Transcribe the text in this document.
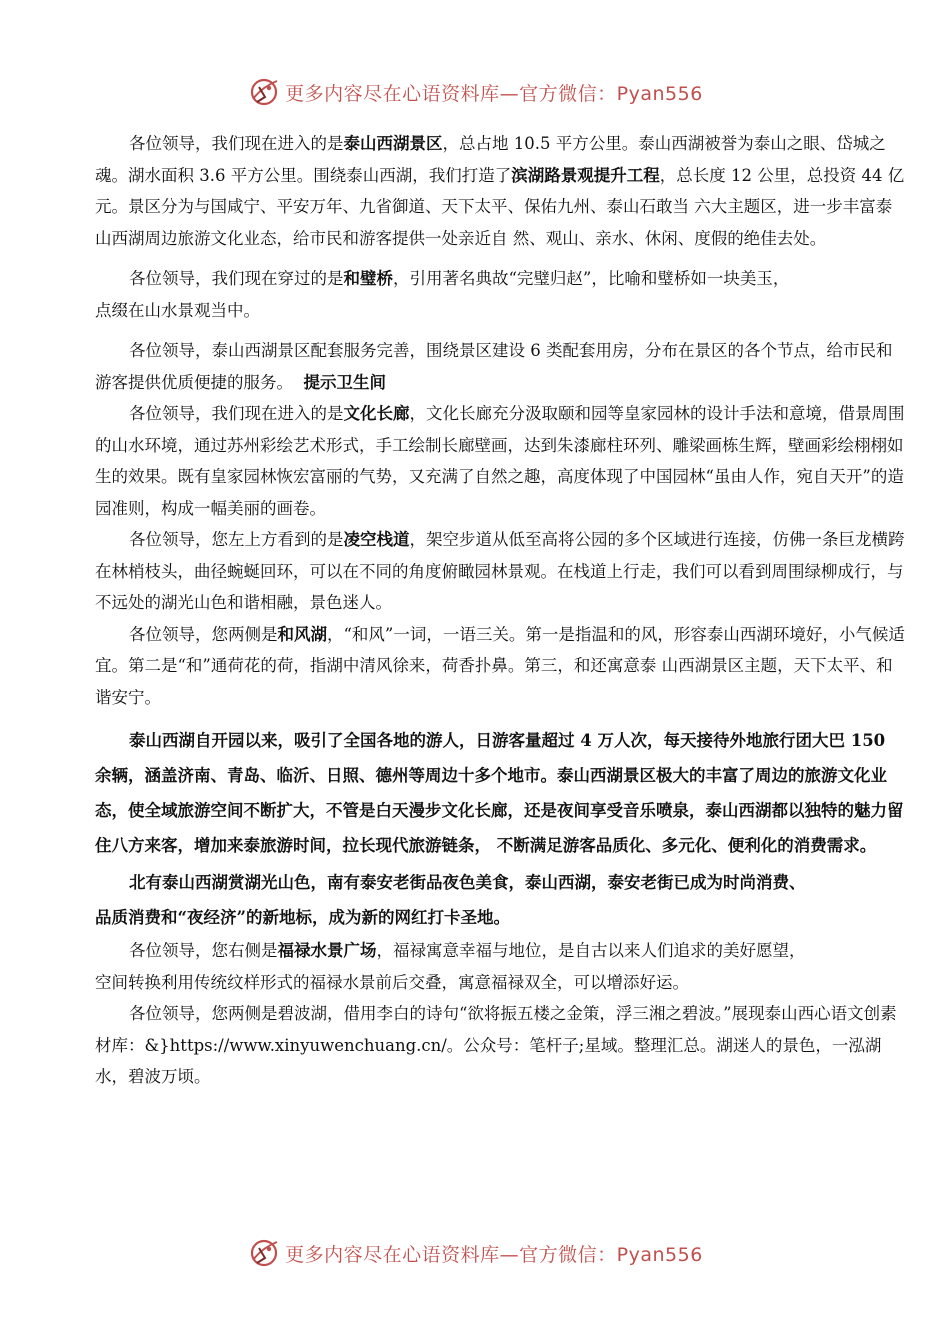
更多内容尽在心语资料库—官方微信：Pyan556

各位领导，我们现在进入的是泰山西湖景区，总占地 10.5 平方公里。泰山西湖被誉为泰山之眼、岱城之魂。湖水面积 3.6 平方公里。围绕泰山西湖，我们打造了滨湖路景观提升工程，总长度 12 公里，总投资 44 亿元。景区分为与国咸宁、平安万年、九省御道、天下太平、保佑九州、泰山石敢当 六大主题区，进一步丰富泰山西湖周边旅游文化业态，给市民和游客提供一处亲近自 然、观山、亲水、休闲、度假的绝佳去处。

各位领导，我们现在穿过的是和璧桥，引用著名典故“完璧归赵”，比喻和璧桥如一块美玉，

点缀在山水景观当中。

各位领导，泰山西湖景区配套服务完善，围绕景区建设 6 类配套用房，分布在景区的各个节点，给市民和游客提供优质便捷的服务。 提示卫生间

各位领导，我们现在进入的是文化长廊，文化长廊充分汲取颐和园等皇家园林的设计手法和意境，借景周围的山水环境，通过苏州彩绘艺术形式，手工绘制长廊壁画，达到朱漆廊柱环列、雕梁画栋生辉，壁画彩绘栩栩如生的效果。既有皇家园林恢宏富丽的气势，又充满了自然之趣，高度体现了中国园林“虽由人作，宛自天开”的造园准则，构成一幅美丽的画卷。

各位领导，您左上方看到的是凌空栈道，架空步道从低至高将公园的多个区域进行连接，仿佛一条巨龙横跨在林梢枝头，曲径蜿蜒回环，可以在不同的角度俯瞰园林景观。在栈道上行走，我们可以看到周围绿柳成行，与不远处的湖光山色和谐相融，景色迷人。

各位领导，您两侧是和风湖，“和风”一词，一语三关。第一是指温和的风，形容泰山西湖环境好，小气候适宜。第二是“和”通荷花的荷，指湖中清风徐来，荷香扑鼻。第三，和还寓意泰 山西湖景区主题，天下太平、和谐安宁。

泰山西湖自开园以来，吸引了全国各地的游人，日游客量超过 4 万人次，每天接待外地旅行团大巴 150 余辆，涵盖济南、青岛、临沂、日照、德州等周边十多个地市。泰山西湖景区极大的丰富了周边的旅游文化业态，使全域旅游空间不断扩大，不管是白天漫步文化长廊，还是夜间享受音乐喷泉，泰山西湖都以独特的魅力留住八方来客，增加来泰旅游时间，拉长现代旅游链条， 不断满足游客品质化、多元化、便利化的消费需求。

北有泰山西湖赏湖光山色，南有泰安老街品夜色美食，泰山西湖，泰安老街已成为时尚消费、

品质消费和“夜经济”的新地标，成为新的网红打卡圣地。

各位领导，您右侧是福禄水景广场，福禄寓意幸福与地位，是自古以来人们追求的美好愿望，

空间转换利用传统纹样形式的福禄水景前后交叠，寓意福禄双全，可以增添好运。

各位领导，您两侧是碧波湖，借用李白的诗句“欲将振五楼之金策，浮三湘之碧波。”展现泰山西心语文创素材库：&}https://www.xinyuwenchuang.cn/。公众号：笔杆子;星域。整理汇总。湖迷人的景色，一泓湖水，碧波万顷。

更多内容尽在心语资料库—官方微信：Pyan556
